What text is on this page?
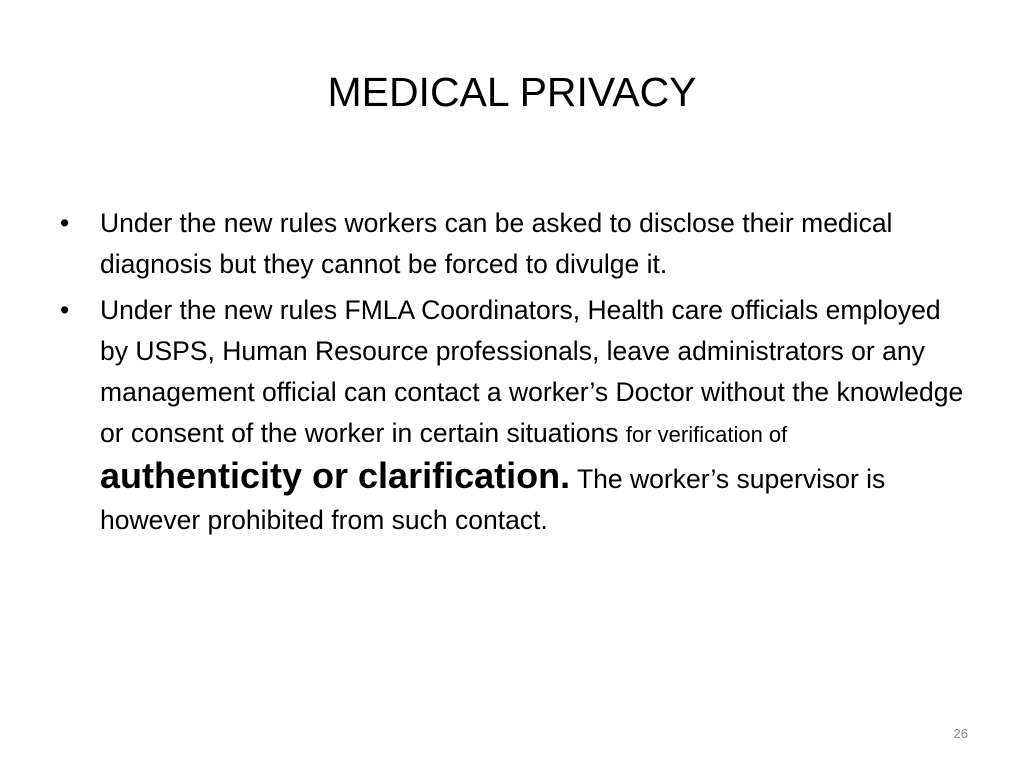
MEDICAL PRIVACY
• Under the new rules workers can be asked to disclose their medical diagnosis but they cannot be forced to divulge it.
• Under the new rules FMLA Coordinators, Health care officials employed by USPS, Human Resource professionals, leave administrators or any management official can contact a worker’s Doctor without the knowledge or consent of the worker in certain situations for verification of authenticity or clarification. The worker’s supervisor is however prohibited from such contact.
26
